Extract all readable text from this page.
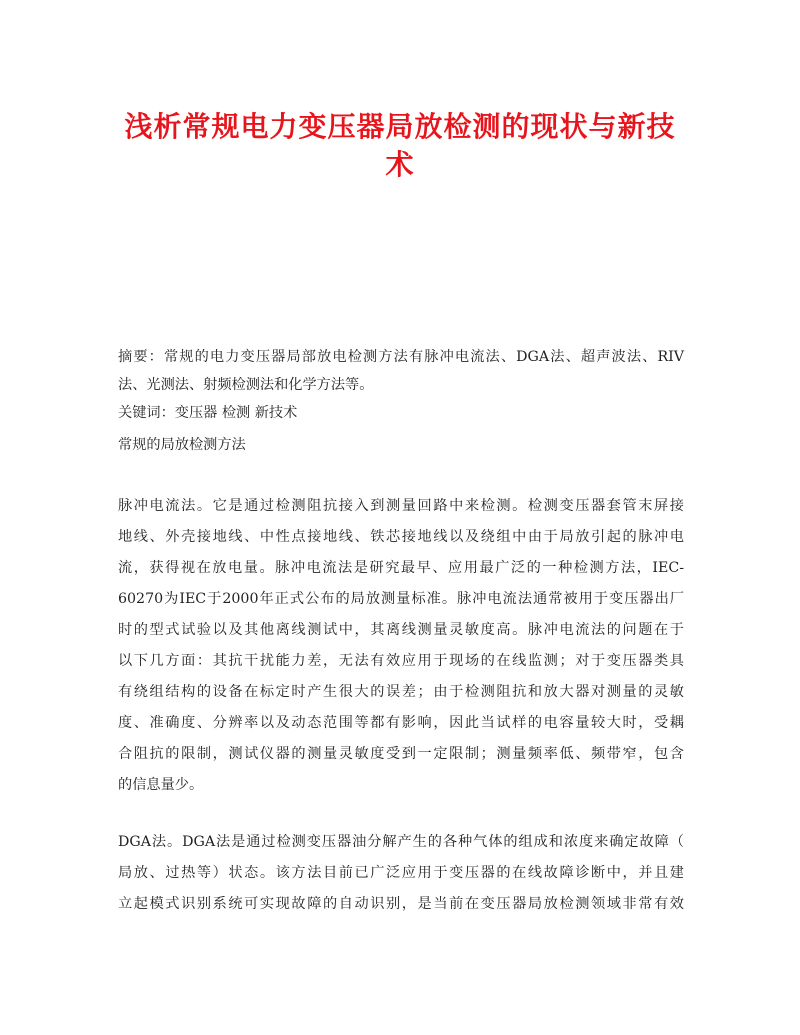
浅析常规电力变压器局放检测的现状与新技
术
摘要：常规的电力变压器局部放电检测方法有脉冲电流法、DGA法、超声波法、RIV
法、光测法、射频检测法和化学方法等。
关键词：变压器 检测 新技术
常规的局放检测方法
脉冲电流法。它是通过检测阻抗接入到测量回路中来检测。检测变压器套管末屏接
地线、外壳接地线、中性点接地线、铁芯接地线以及绕组中由于局放引起的脉冲电
流，获得视在放电量。脉冲电流法是研究最早、应用最广泛的一种检测方法，IEC-
60270为IEC于2000年正式公布的局放测量标准。脉冲电流法通常被用于变压器出厂
时的型式试验以及其他离线测试中，其离线测量灵敏度高。脉冲电流法的问题在于
以下几方面：其抗干扰能力差，无法有效应用于现场的在线监测；对于变压器类具
有绕组结构的设备在标定时产生很大的误差；由于检测阻抗和放大器对测量的灵敏
度、准确度、分辨率以及动态范围等都有影响，因此当试样的电容量较大时，受耦
合阻抗的限制，测试仪器的测量灵敏度受到一定限制；测量频率低、频带窄，包含
的信息量少。
DGA法。DGA法是通过检测变压器油分解产生的各种气体的组成和浓度来确定故障（
局放、过热等）状态。该方法目前已广泛应用于变压器的在线故障诊断中，并且建
立起模式识别系统可实现故障的自动识别，是当前在变压器局放检测领域非常有效
